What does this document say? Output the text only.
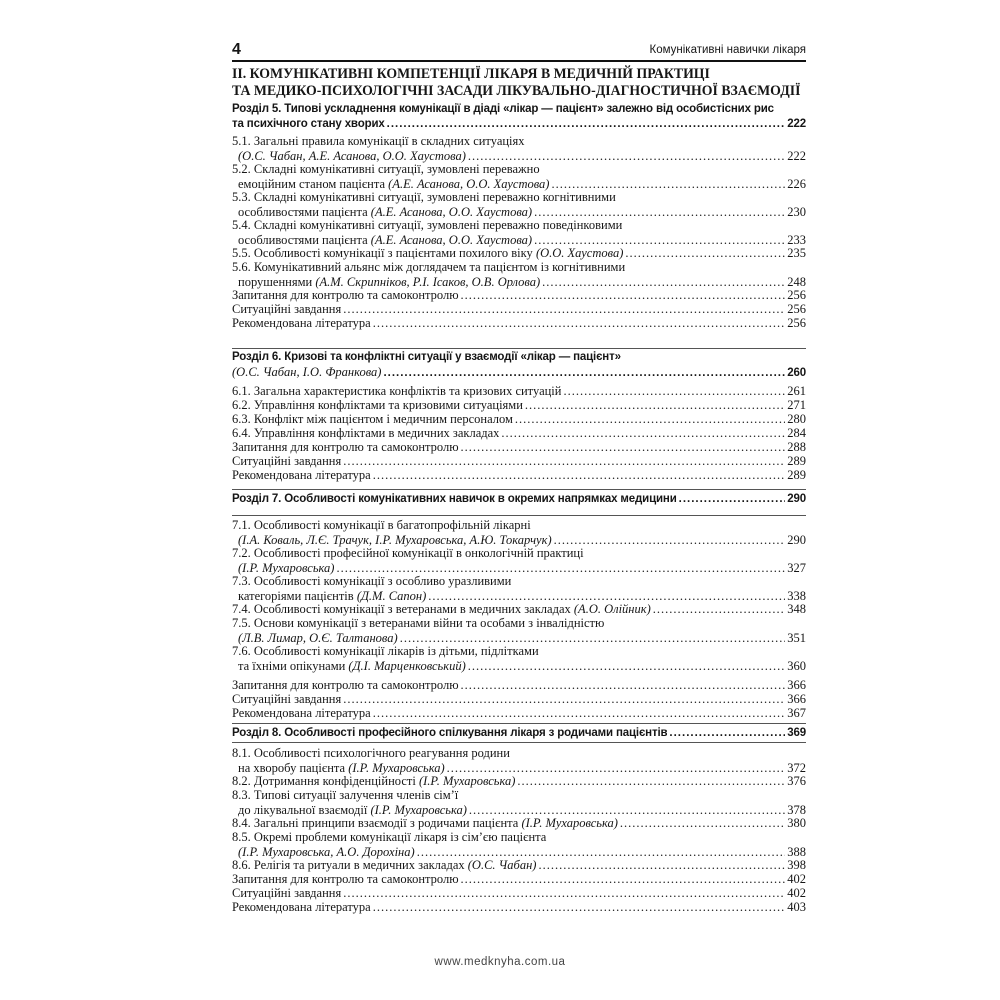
4	Комунікативні навички лікаря
ІІ. КОМУНІКАТИВНІ КОМПЕТЕНЦІЇ ЛІКАРЯ В МЕДИЧНІЙ ПРАКТИЦІ
ТА МЕДИКО-ПСИХОЛОГІЧНІ ЗАСАДИ ЛІКУВАЛЬНО-ДІАГНОСТИЧНОЇ ВЗАЄМОДІЇ
Розділ 5. Типові ускладнення комунікації в діаді «лікар — пацієнт» залежно від особистісних рис
та психічного стану хворих .....	222
5.1. Загальні правила комунікації в складних ситуаціях
(О.С. Чабан, А.Е. Асанова, О.О. Хаустова) .....	222
5.2. Складні комунікативні ситуації, зумовлені переважно
емоційним станом пацієнта (А.Е. Асанова, О.О. Хаустова) .....	226
5.3. Складні комунікативні ситуації, зумовлені переважно когнітивними
особливостями пацієнта (А.Е. Асанова, О.О. Хаустова) .....	230
5.4. Складні комунікативні ситуації, зумовлені переважно поведінковими
особливостями пацієнта (А.Е. Асанова, О.О. Хаустова) .....	233
5.5. Особливості комунікації з пацієнтами похилого віку (О.О. Хаустова) .....	235
5.6. Комунікативний альянс між доглядачем та пацієнтом із когнітивними
порушеннями (А.М. Скрипніков, Р.І. Ісаков, О.В. Орлова) .....	248
Запитання для контролю та самоконтролю .....	256
Ситуаційні завдання .....	256
Рекомендована література .....	256
Розділ 6. Кризові та конфліктні ситуації у взаємодії «лікар — пацієнт»
(О.С. Чабан, І.О. Франкова) .....	260
6.1. Загальна характеристика конфліктів та кризових ситуацій .....	261
6.2. Управління конфліктами та кризовими ситуаціями .....	271
6.3. Конфлікт між пацієнтом і медичним персоналом .....	280
6.4. Управління конфліктами в медичних закладах .....	284
Запитання для контролю та самоконтролю .....	288
Ситуаційні завдання .....	289
Рекомендована література .....	289
Розділ 7. Особливості комунікативних навичок в окремих напрямках медицини .....	290
7.1. Особливості комунікації в багатопрофільній лікарні
(І.А. Коваль, Л.Є. Трачук, І.Р. Мухаровська, А.Ю. Токарчук) .....	290
7.2. Особливості професійної комунікації в онкологічній практиці
(І.Р. Мухаровська) .....	327
7.3. Особливості комунікації з особливо уразливими
категоріями пацієнтів (Д.М. Сапон) .....	338
7.4. Особливості комунікації з ветеранами в медичних закладах (А.О. Олійник) .....	348
7.5. Основи комунікації з ветеранами війни та особами з інвалідністю
(Л.В. Лимар, О.Є. Талтанова) .....	351
7.6. Особливості комунікації лікарів із дітьми, підлітками
та їхніми опікунами (Д.І. Марценковський) .....	360
Запитання для контролю та самоконтролю .....	366
Ситуаційні завдання .....	366
Рекомендована література .....	367
Розділ 8. Особливості професійного спілкування лікаря з родичами пацієнтів .....	369
8.1. Особливості психологічного реагування родини
на хворобу пацієнта (І.Р. Мухаровська) .....	372
8.2. Дотримання конфіденційності (І.Р. Мухаровська) .....	376
8.3. Типові ситуації залучення членів сім’ї
до лікувальної взаємодії (І.Р. Мухаровська) .....	378
8.4. Загальні принципи взаємодії з родичами пацієнта (І.Р. Мухаровська) .....	380
8.5. Окремі проблеми комунікації лікаря із сім’єю пацієнта
(І.Р. Мухаровська, А.О. Дорохіна) .....	388
8.6. Релігія та ритуали в медичних закладах (О.С. Чабан) .....	398
Запитання для контролю та самоконтролю .....	402
Ситуаційні завдання .....	402
Рекомендована література .....	403
www.medknyha.com.ua
